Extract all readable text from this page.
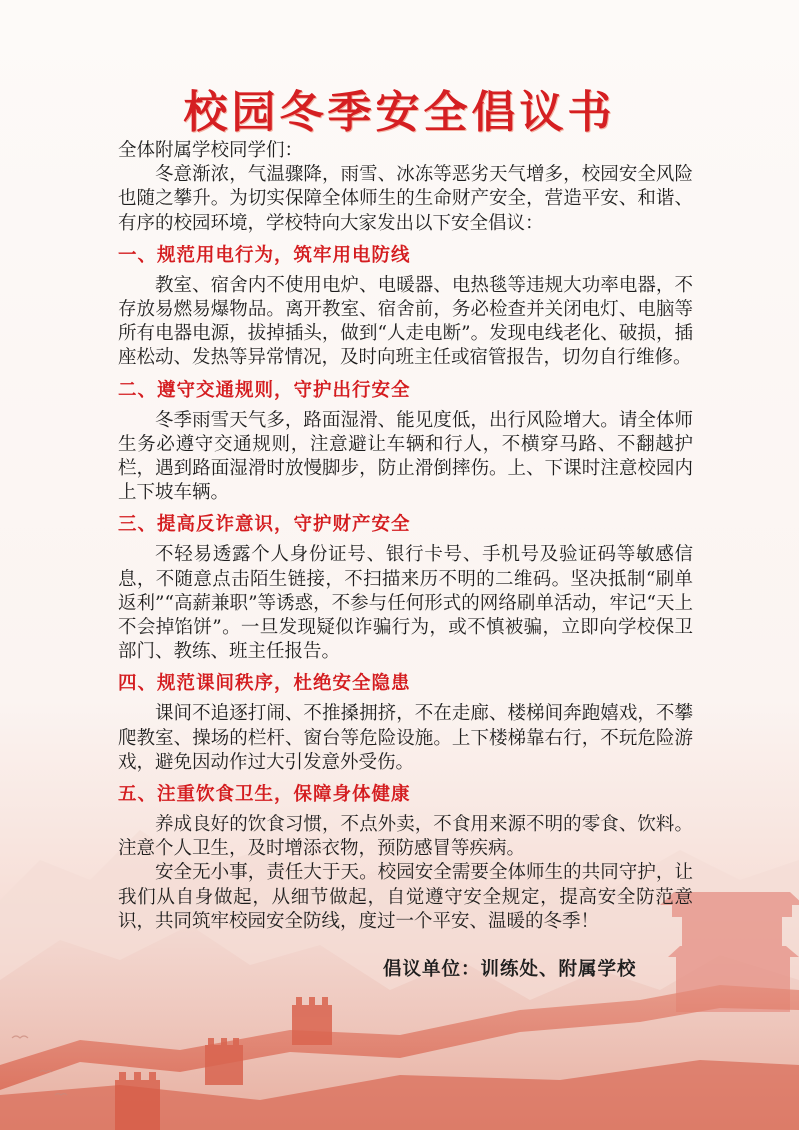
校园冬季安全倡议书

全体附属学校同学们：

冬意渐浓，气温骤降，雨雪、冰冻等恶劣天气增多，校园安全风险也随之攀升。为切实保障全体师生的生命财产安全，营造平安、和谐、有序的校园环境，学校特向大家发出以下安全倡议：

一、规范用电行为，筑牢用电防线

教室、宿舍内不使用电炉、电暖器、电热毯等违规大功率电器，不存放易燃易爆物品。离开教室、宿舍前，务必检查并关闭电灯、电脑等所有电器电源，拔掉插头，做到“人走电断”。发现电线老化、破损，插座松动、发热等异常情况，及时向班主任或宿管报告，切勿自行维修。

二、遵守交通规则，守护出行安全

冬季雨雪天气多，路面湿滑、能见度低，出行风险增大。请全体师生务必遵守交通规则，注意避让车辆和行人，不横穿马路、不翻越护栏，遇到路面湿滑时放慢脚步，防止滑倒摔伤。上、下课时注意校园内上下坡车辆。

三、提高反诈意识，守护财产安全

不轻易透露个人身份证号、银行卡号、手机号及验证码等敏感信息，不随意点击陌生链接，不扫描来历不明的二维码。坚决抵制“刷单返利”“高薪兼职”等诱惑，不参与任何形式的网络刷单活动，牢记“天上不会掉馅饼”。一旦发现疑似诈骗行为，或不慎被骗，立即向学校保卫部门、教练、班主任报告。

四、规范课间秩序，杜绝安全隐患

课间不追逐打闹、不推搡拥挤，不在走廊、楼梯间奔跑嬉戏，不攀爬教室、操场的栏杆、窗台等危险设施。上下楼梯靠右行，不玩危险游戏，避免因动作过大引发意外受伤。

五、注重饮食卫生，保障身体健康

养成良好的饮食习惯，不点外卖，不食用来源不明的零食、饮料。注意个人卫生，及时增添衣物，预防感冒等疾病。

安全无小事，责任大于天。校园安全需要全体师生的共同守护，让我们从自身做起，从细节做起，自觉遵守安全规定，提高安全防范意识，共同筑牢校园安全防线，度过一个平安、温暖的冬季！

倡议单位：训练处、附属学校
